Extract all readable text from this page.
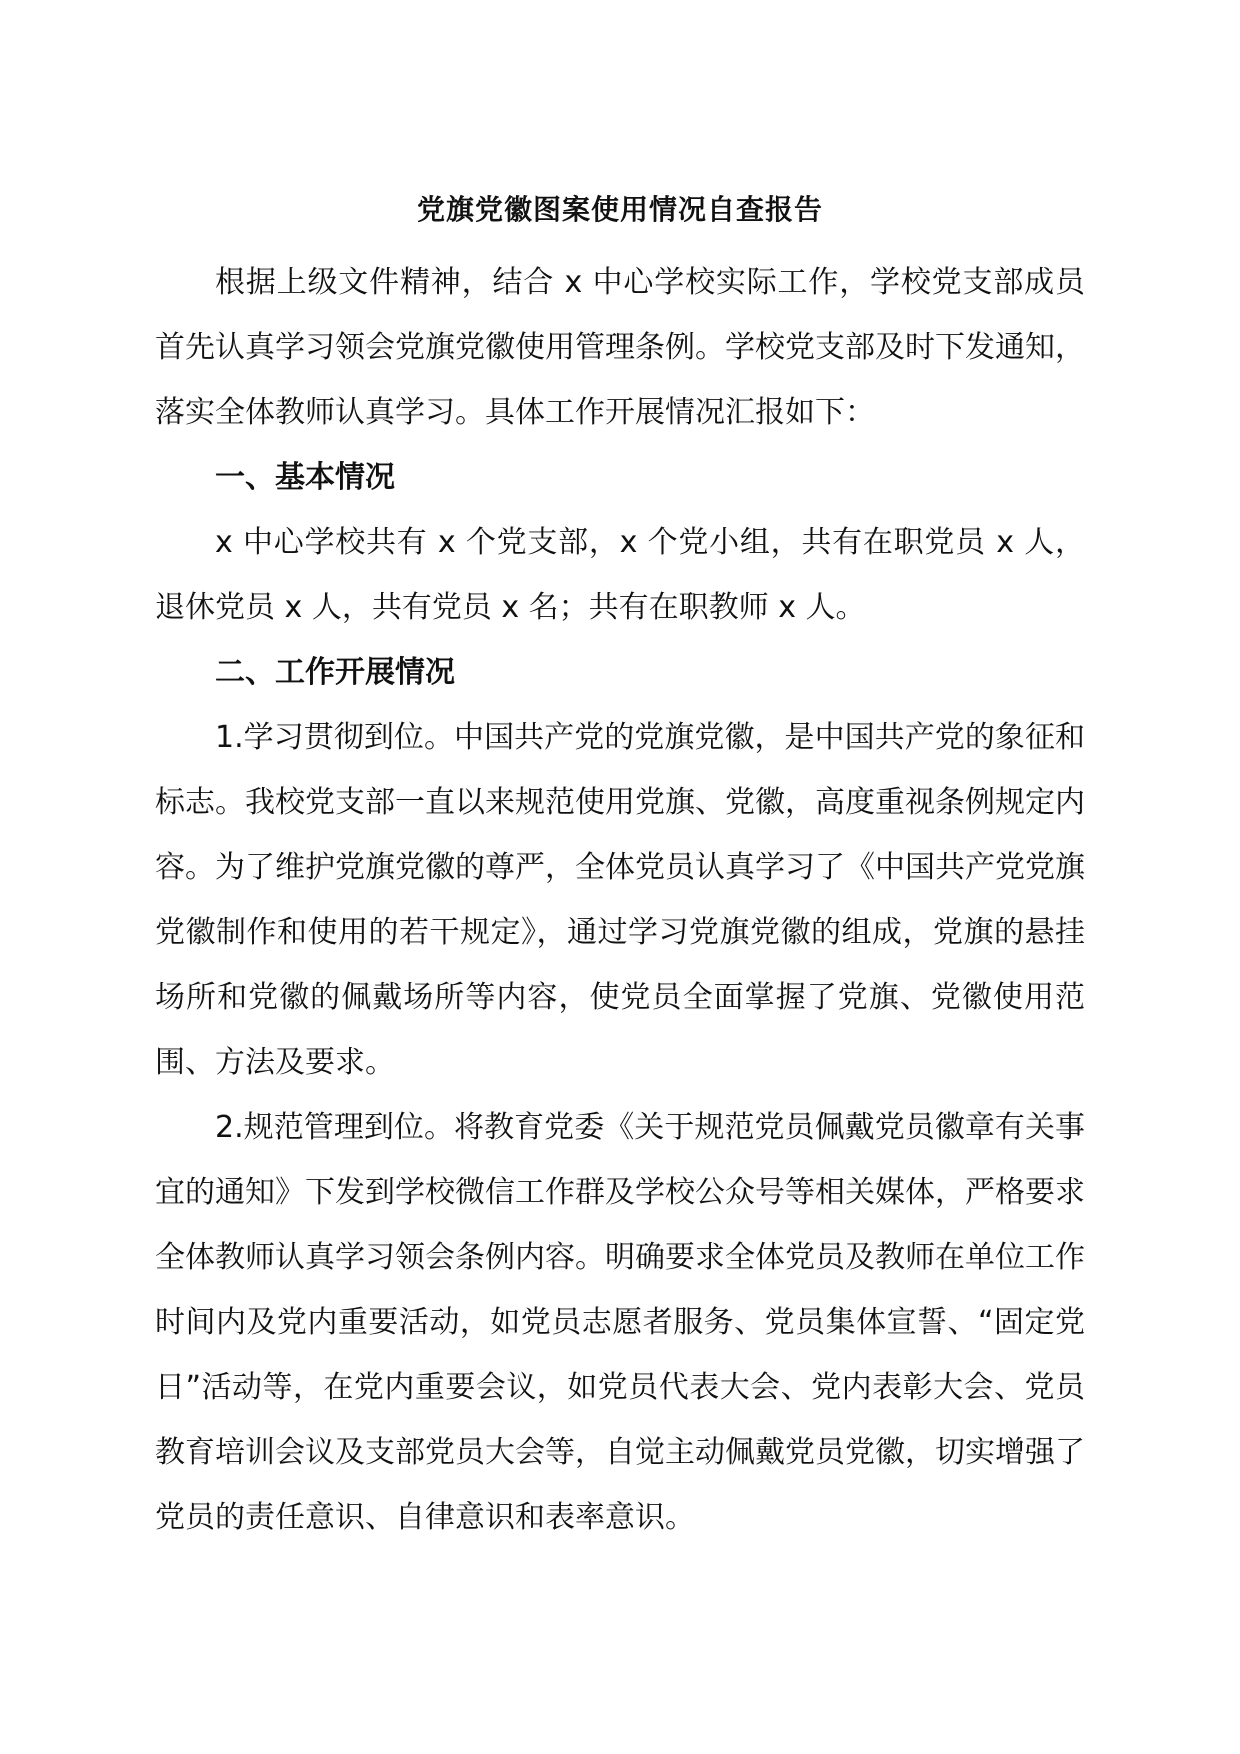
党旗党徽图案使用情况自查报告

根据上级文件精神，结合 x 中心学校实际工作，学校党支部成员首先认真学习领会党旗党徽使用管理条例。学校党支部及时下发通知，落实全体教师认真学习。具体工作开展情况汇报如下：

一、基本情况

x 中心学校共有 x 个党支部，x 个党小组，共有在职党员 x 人，退休党员 x 人，共有党员 x 名；共有在职教师 x 人。

二、工作开展情况

1.学习贯彻到位。中国共产党的党旗党徽，是中国共产党的象征和标志。我校党支部一直以来规范使用党旗、党徽，高度重视条例规定内容。为了维护党旗党徽的尊严，全体党员认真学习了《中国共产党党旗党徽制作和使用的若干规定》，通过学习党旗党徽的组成，党旗的悬挂场所和党徽的佩戴场所等内容，使党员全面掌握了党旗、党徽使用范围、方法及要求。

2.规范管理到位。将教育党委《关于规范党员佩戴党员徽章有关事宜的通知》下发到学校微信工作群及学校公众号等相关媒体，严格要求全体教师认真学习领会条例内容。明确要求全体党员及教师在单位工作时间内及党内重要活动，如党员志愿者服务、党员集体宣誓、“固定党日”活动等，在党内重要会议，如党员代表大会、党内表彰大会、党员教育培训会议及支部党员大会等，自觉主动佩戴党员党徽，切实增强了党员的责任意识、自律意识和表率意识。
